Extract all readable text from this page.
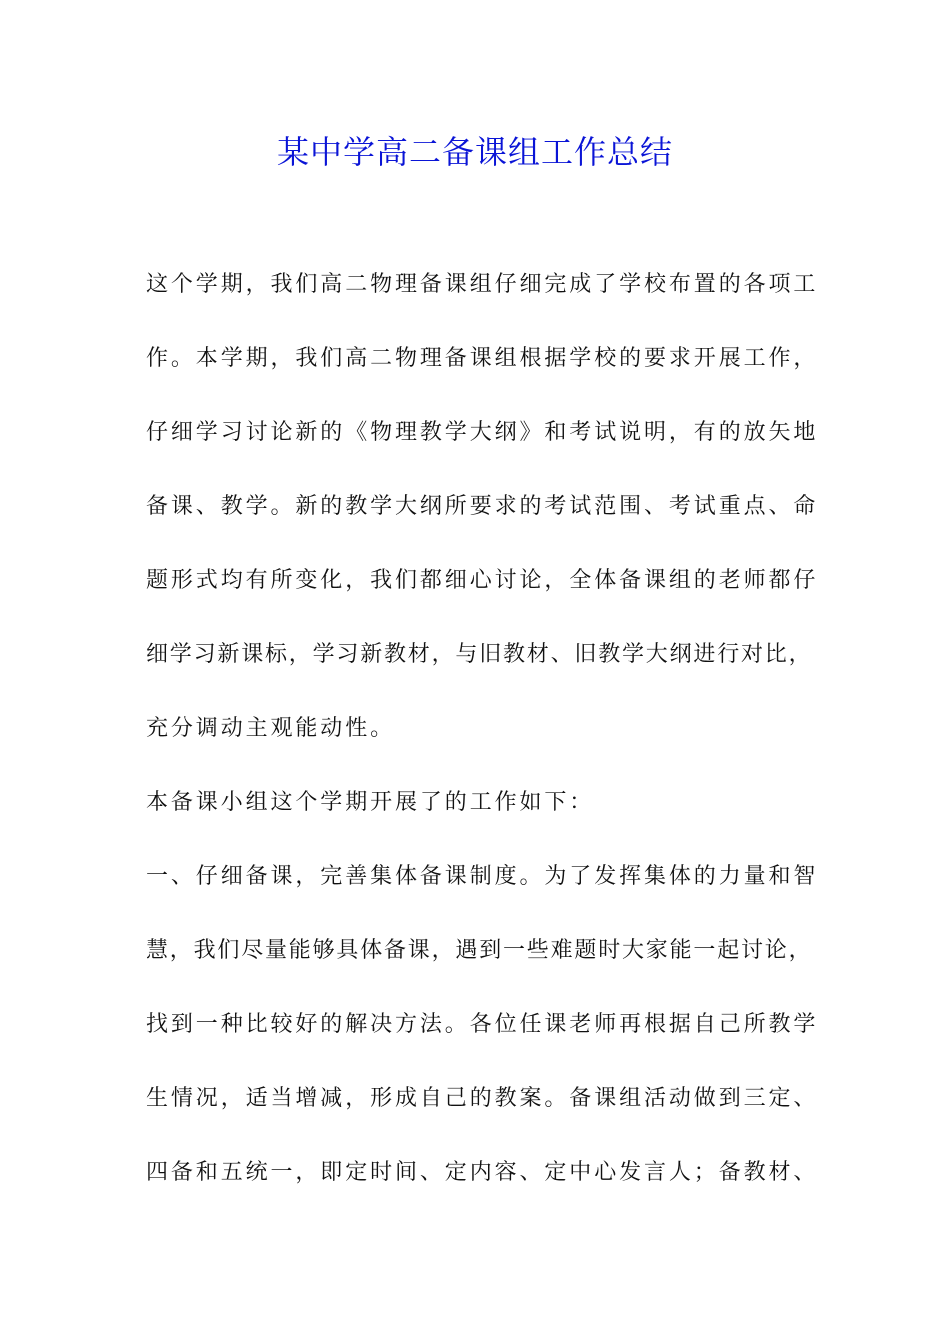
某中学高二备课组工作总结
这个学期，我们高二物理备课组仔细完成了学校布置的各项工
作。本学期，我们高二物理备课组根据学校的要求开展工作，
仔细学习讨论新的《物理教学大纲》和考试说明，有的放矢地
备课、教学。新的教学大纲所要求的考试范围、考试重点、命
题形式均有所变化，我们都细心讨论，全体备课组的老师都仔
细学习新课标，学习新教材，与旧教材、旧教学大纲进行对比，
充分调动主观能动性。
本备课小组这个学期开展了的工作如下：
一、仔细备课，完善集体备课制度。为了发挥集体的力量和智
慧，我们尽量能够具体备课，遇到一些难题时大家能一起讨论，
找到一种比较好的解决方法。各位任课老师再根据自己所教学
生情况，适当增减，形成自己的教案。备课组活动做到三定、
四备和五统一，即定时间、定内容、定中心发言人；备教材、
